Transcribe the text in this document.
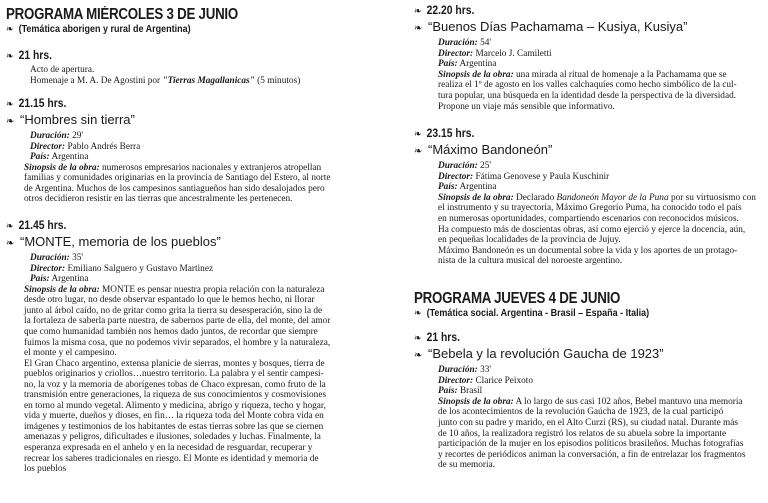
PROGRAMA MIÉRCOLES 3 DE JUNIO
❧ (Temática aborigen y rural de Argentina)
❧ 21 hrs.
Acto de apertura.
Homenaje a M. A. De Agostini por "Tierras Magallanicas" (5 minutos)
❧ 21.15 hrs.
❧ “Hombres sin tierra”
Duración: 29'
Director: Pablo Andrés Berra
País: Argentina
Sinopsis de la obra: numerosos empresarios nacionales y extranjeros atropellan
familias y comunidades originarias en la provincia de Santiago del Estero, al norte
de Argentina. Muchos de los campesinos santiagueños han sido desalojados pero
otros decidieron resistir en las tierras que ancestralmente les pertenecen.
❧ 21.45 hrs.
❧ “MONTE, memoria de los pueblos”
Duración: 35'
Director: Emiliano Salguero y Gustavo Martinez
País: Argentina
Sinopsis de la obra: MONTE es pensar nuestra propia relación con la naturaleza
desde otro lugar, no desde observar espantado lo que le hemos hecho, ni llorar
junto al árbol caído, no de gritar como grita la tierra su desesperación, sino la de
la fortaleza de saberla parte nuestra, de sabernos parte de ella, del monte, del amor
que como humanidad también nos hemos dado juntos, de recordar que siempre
fuimos la misma cosa, que no podemos vivir separados, el hombre y la naturaleza,
el monte y el campesino.
El Gran Chaco argentino, extensa planicie de sierras, montes y bosques, tierra de
pueblos originarios y criollos…nuestro territorio. La palabra y el sentir campesi-
no, la voz y la memoria de aborígenes tobas de Chaco expresan, como fruto de la
transmisión entre generaciones, la riqueza de sus conocimientos y cosmovisiones
en torno al mundo vegetal. Alimento y medicina, abrigo y riqueza, techo y hogar,
vida y muerte, dueños y dioses, en fin… la riqueza toda del Monte cobra vida en
imágenes y testimonios de los habitantes de estas tierras sobre las que se ciernen
amenazas y peligros, dificultades e ilusiones, soledades y luchas. Finalmente, la
esperanza expresada en el anhelo y en la necesidad de resguardar, recuperar y
recrear los saberes tradicionales en riesgo. El Monte es identidad y memoria de
los pueblos
❧ 22.20 hrs.
❧ “Buenos Días Pachamama – Kusiya, Kusiya”
Duración: 54'
Director: Marcelo J. Camiletti
País: Argentina
Sinopsis de la obra: una mirada al ritual de homenaje a la Pachamama que se
realiza el 1º de agosto en los valles calchaquíes como hecho simbólico de la cul-
tura popular, una búsqueda en la identidad desde la perspectiva de la diversidad.
Propone un viaje más sensible que informativo.
❧ 23.15 hrs.
❧ “Máximo Bandoneón”
Duración: 25'
Director: Fátima Genovese y Paula Kuschinir
País: Argentina
Sinopsis de la obra: Declarado Bandoneón Mayor de la Puna por su virtuosismo con
el instrumento y su trayectoria, Máximo Gregorio Puma, ha conocido todo el país
en numerosas oportunidades, compartiendo escenarios con reconocidos músicos.
Ha compuesto más de doscientas obras, así como ejerció y ejerce la docencia, aún,
en pequeñas localidades de la provincia de Jujuy.
Máximo Bandoneón es un documental sobre la vida y los aportes de un protago-
nista de la cultura musical del noroeste argentino.
PROGRAMA JUEVES 4 DE JUNIO
❧ (Temática social. Argentina - Brasil – España - Italia)
❧ 21 hrs.
❧ “Bebela y la revolución Gaucha de 1923”
Duración: 33'
Director: Clarice Peixoto
País: Brasil
Sinopsis de la obra: A lo largo de sus casi 102 años, Bebel mantuvo una memoria
de los acontecimientos de la revolución Gaúcha de 1923, de la cual participó
junto con su padre y marido, en el Alto Curzi (RS), su ciudad natal. Durante más
de 10 años, la realizadora registró los relatos de su abuela sobre la importante
participación de la mujer en los episodios políticos brasileños. Muchas fotografías
y recortes de periódicos animan la conversación, a fin de entrelazar los fragmentos
de su memoria.
